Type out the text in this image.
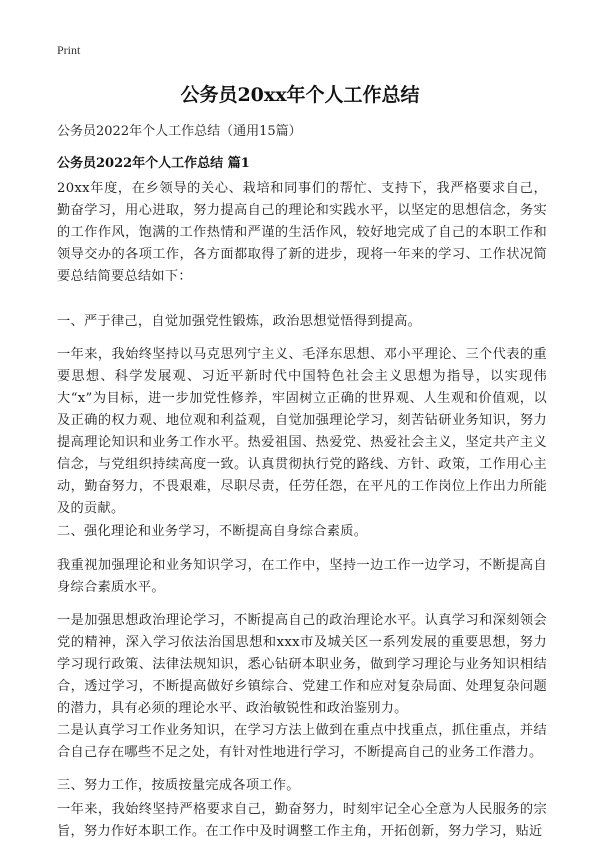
Print
公务员20xx年个人工作总结
公务员2022年个人工作总结（通用15篇）
公务员2022年个人工作总结 篇1

20xx年度，在乡领导的关心、栽培和同事们的帮忙、支持下，我严格要求自己，勤奋学习，用心进取，努力提高自己的理论和实践水平，以坚定的思想信念，务实的工作作风，饱满的工作热情和严谨的生活作风，较好地完成了自己的本职工作和领导交办的各项工作，各方面都取得了新的进步，现将一年来的学习、工作状况简要总结简要总结如下：

一、严于律己，自觉加强党性锻炼，政治思想觉悟得到提高。

一年来，我始终坚持以马克思列宁主义、毛泽东思想、邓小平理论、三个代表的重要思想、科学发展观、习近平新时代中国特色社会主义思想为指导，以实现伟大“x”为目标，进一步加党性修养，牢固树立正确的世界观、人生观和价值观，以及正确的权力观、地位观和利益观，自觉加强理论学习，刻苦钻研业务知识，努力提高理论知识和业务工作水平。热爱祖国、热爱党、热爱社会主义，坚定共产主义信念，与党组织持续高度一致。认真贯彻执行党的路线、方针、政策，工作用心主动，勤奋努力，不畏艰难，尽职尽责，任劳任怨，在平凡的工作岗位上作出力所能及的贡献。

二、强化理论和业务学习，不断提高自身综合素质。

我重视加强理论和业务知识学习，在工作中，坚持一边工作一边学习，不断提高自身综合素质水平。

一是加强思想政治理论学习，不断提高自己的政治理论水平。认真学习和深刻领会党的精神，深入学习依法治国思想和xxx市及城关区一系列发展的重要思想，努力学习现行政策、法律法规知识，悉心钻研本职业务，做到学习理论与业务知识相结合，透过学习，不断提高做好乡镇综合、党建工作和应对复杂局面、处理复杂问题的潜力，具有必须的理论水平、政治敏锐性和政治鉴别力。

二是认真学习工作业务知识，在学习方法上做到在重点中找重点，抓住重点，并结合自己存在哪些不足之处，有针对性地进行学习，不断提高自己的业务工作潜力。

三、努力工作，按质按量完成各项工作。

一年来，我始终坚持严格要求自己，勤奋努力，时刻牢记全心全意为人民服务的宗旨，努力作好本职工作。在工作中及时调整工作主角，开拓创新，努力学习，贴近
